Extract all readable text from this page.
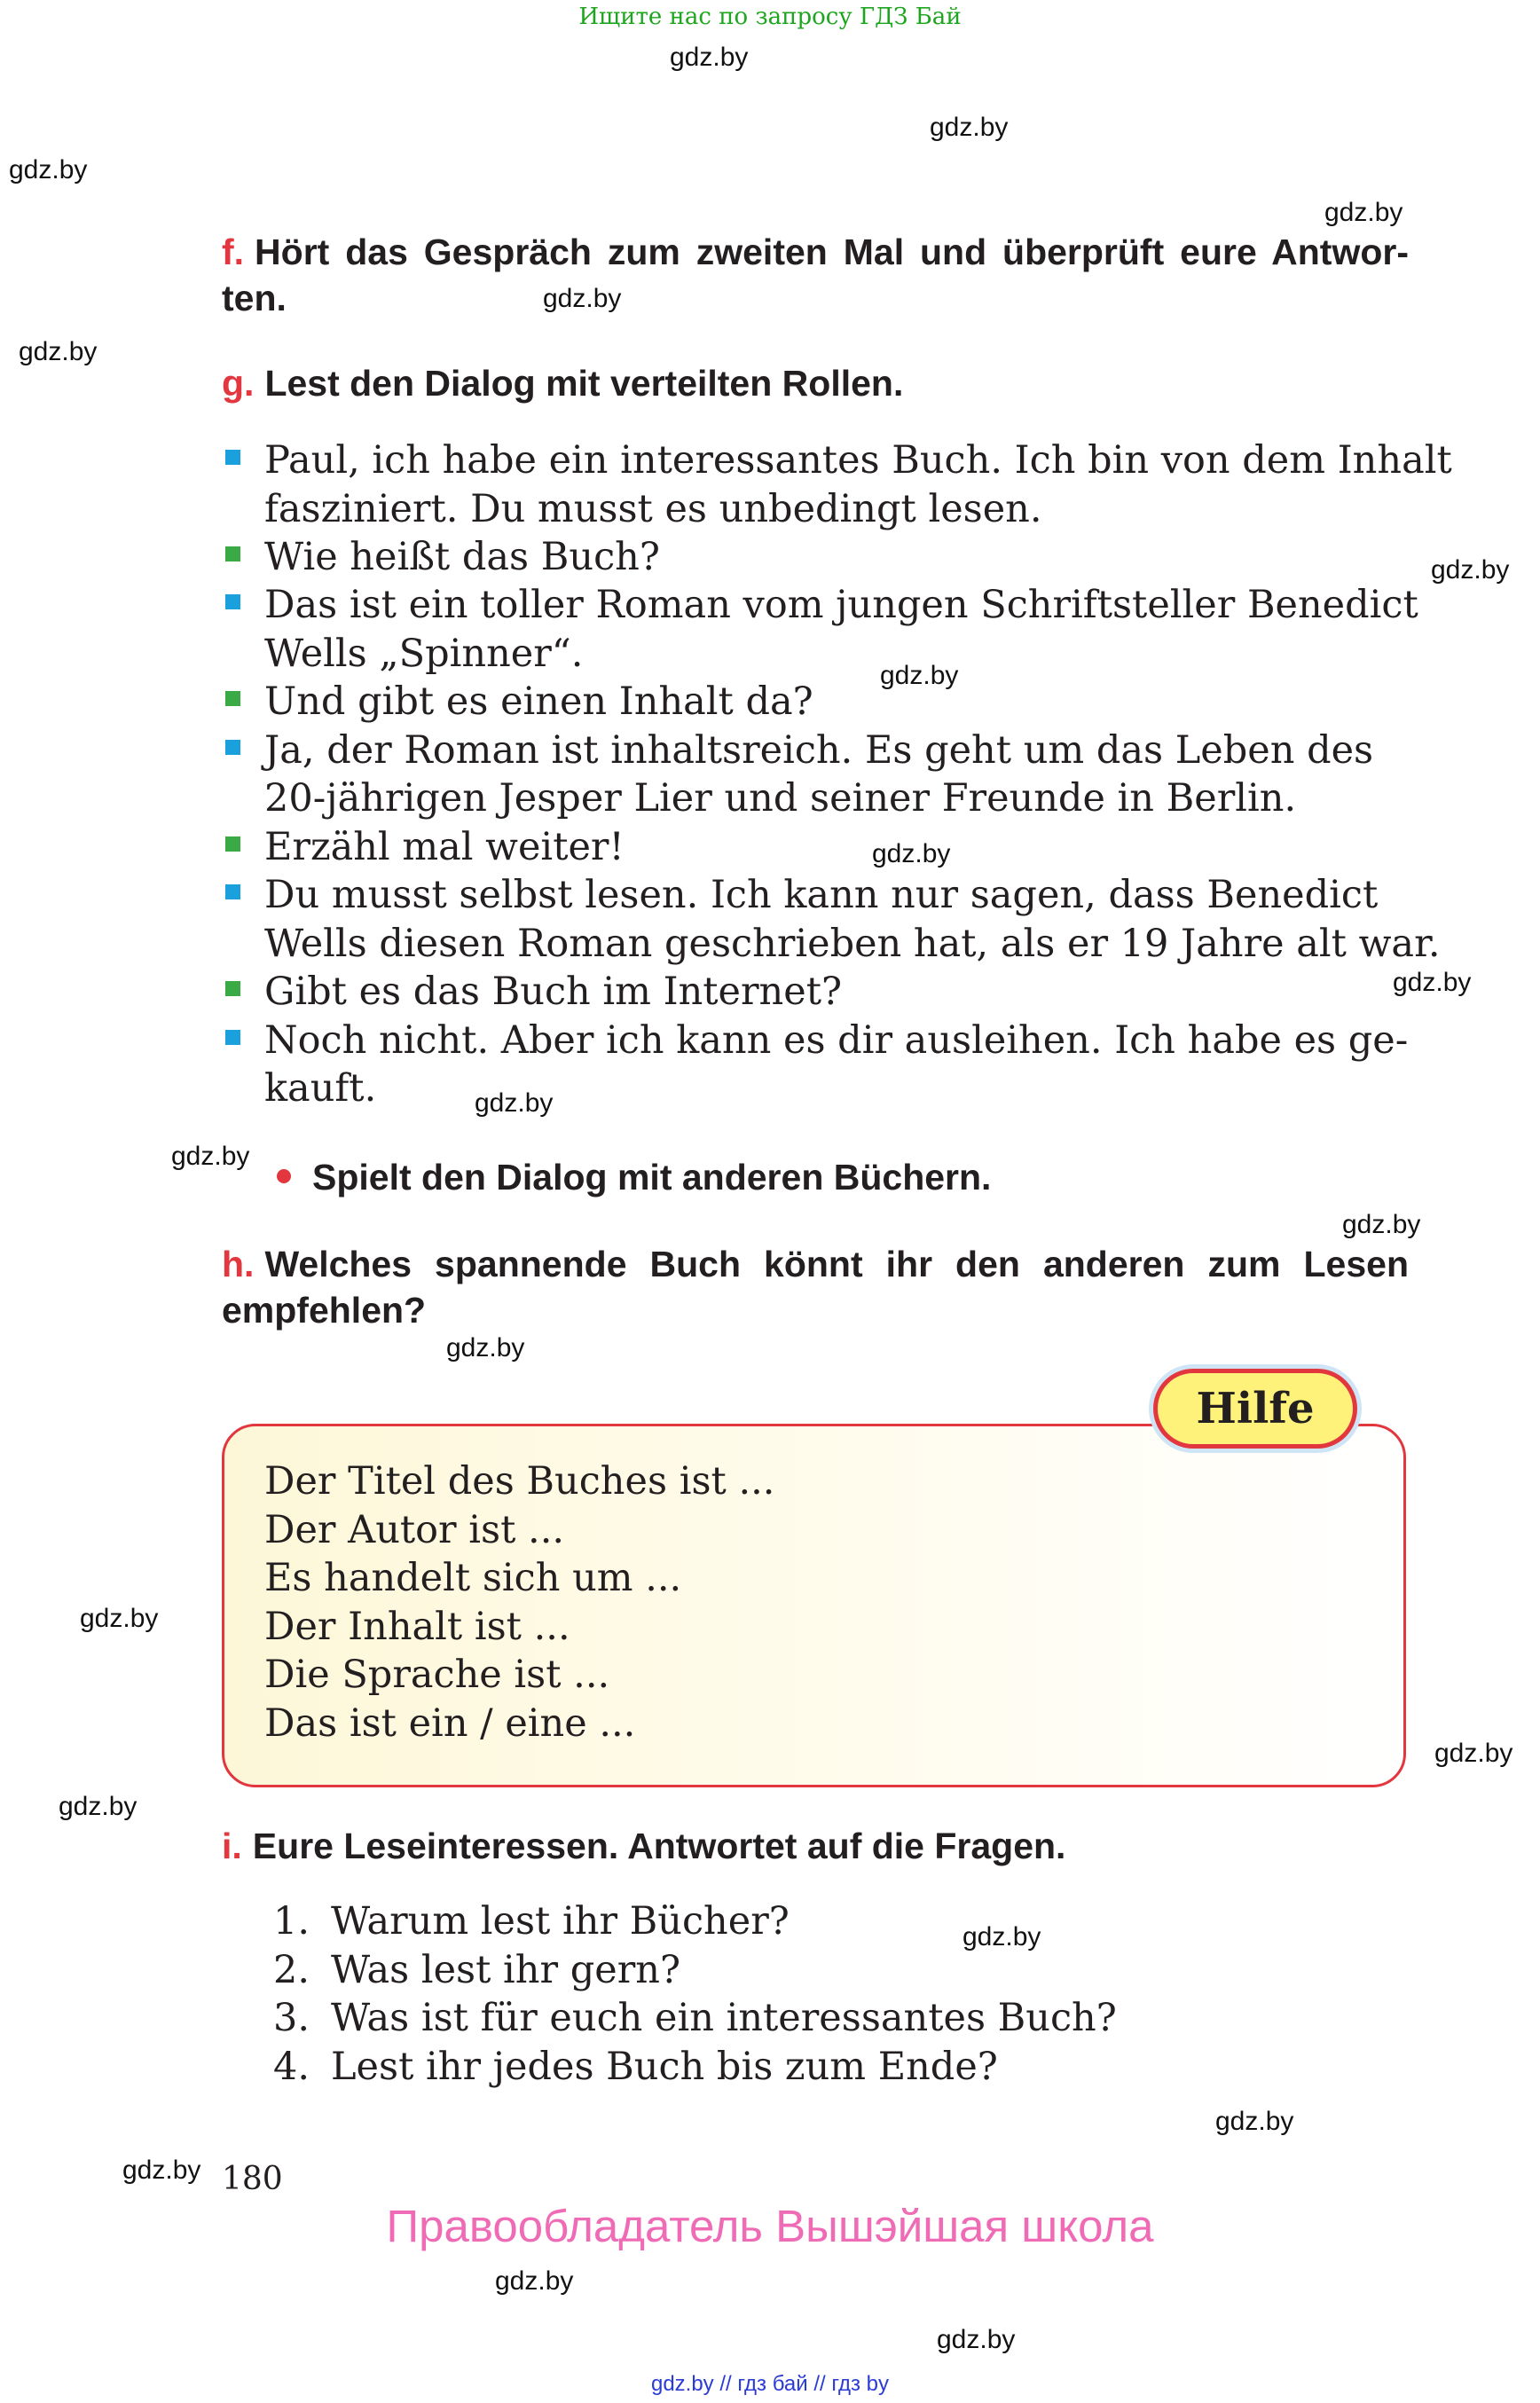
Ищите нас по запросу ГДЗ Бай
gdz.by
gdz.by
gdz.by
gdz.by
gdz.by
gdz.by
gdz.by
gdz.by
gdz.by
gdz.by
gdz.by
gdz.by
gdz.by
gdz.by
gdz.by
gdz.by
gdz.by
gdz.by
gdz.by
gdz.by
gdz.by
gdz.by
f. Hört das Gespräch zum zweiten Mal und überprüft eure Antwor-ten.
g. Lest den Dialog mit verteilten Rollen.
Paul, ich habe ein interessantes Buch. Ich bin von dem Inhalt
fasziniert. Du musst es unbedingt lesen.
Wie heißt das Buch?
Das ist ein toller Roman vom jungen Schriftsteller Benedict
Wells „Spinner“.
Und gibt es einen Inhalt da?
Ja, der Roman ist inhaltsreich. Es geht um das Leben des
20-jährigen Jesper Lier und seiner Freunde in Berlin.
Erzähl mal weiter!
Du musst selbst lesen. Ich kann nur sagen, dass Benedict
Wells diesen Roman geschrieben hat, als er 19 Jahre alt war.
Gibt es das Buch im Internet?
Noch nicht. Aber ich kann es dir ausleihen. Ich habe es ge-
kauft.
Spielt den Dialog mit anderen Büchern.
h. Welches spannende Buch könnt ihr den anderen zum Lesen empfehlen?
Hilfe
Der Titel des Buches ist ...
Der Autor ist ...
Es handelt sich um ...
Der Inhalt ist ...
Die Sprache ist ...
Das ist ein / eine ...
i. Eure Leseinteressen. Antwortet auf die Fragen.
1. Warum lest ihr Bücher?
2. Was lest ihr gern?
3. Was ist für euch ein interessantes Buch?
4. Lest ihr jedes Buch bis zum Ende?
180
Правообладатель Вышэйшая школа
gdz.by // гдз бай // гдз by
